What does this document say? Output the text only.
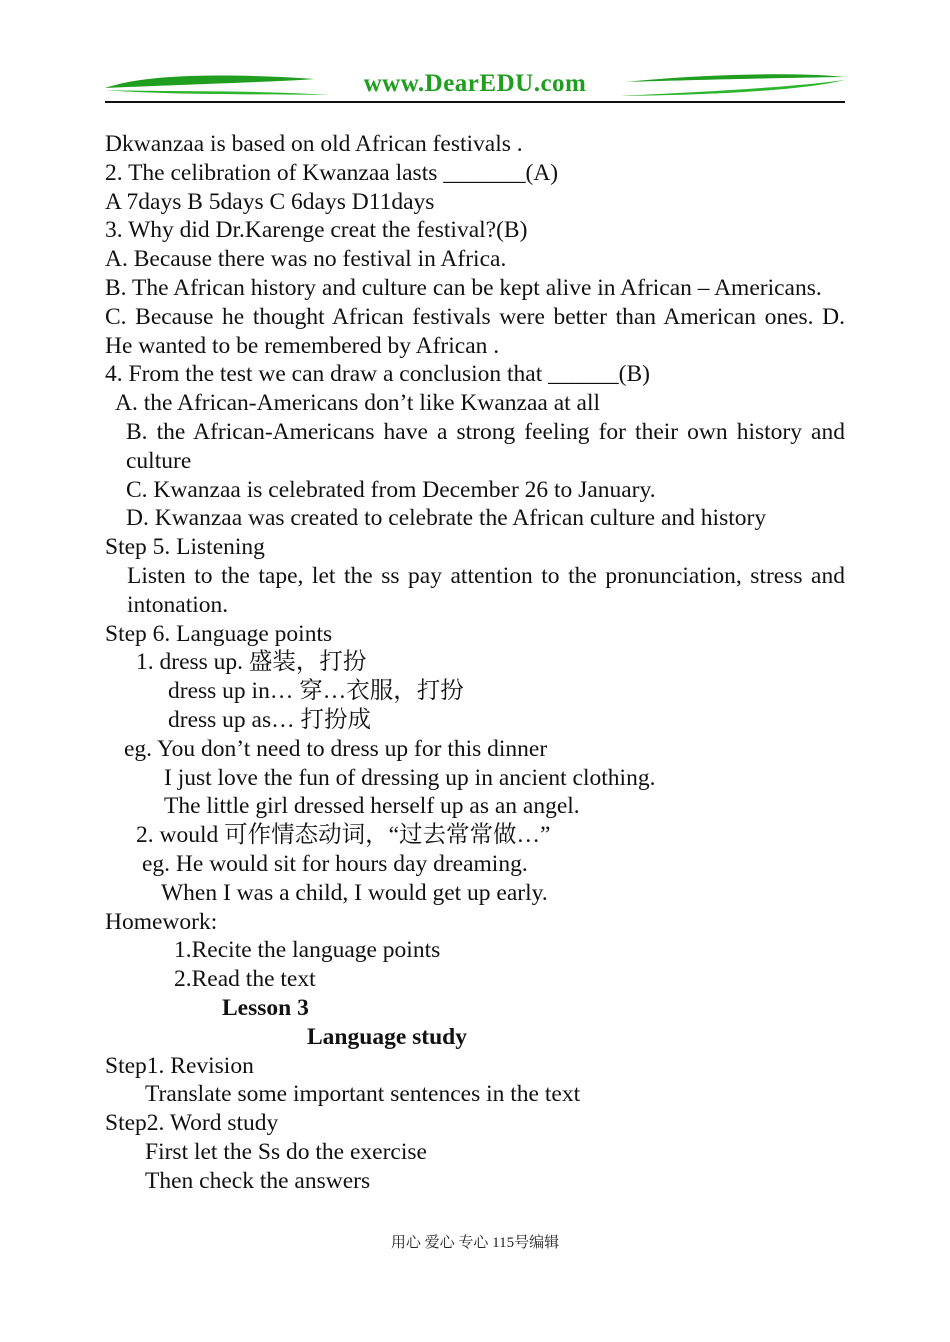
www.DearEDU.com
Dkwanzaa is based on old African festivals .
2. The celibration of Kwanzaa lasts _______(A)
A 7days B 5days C 6days D11days
3. Why did Dr.Karenge creat the festival?(B)
A. Because there was no festival in Africa.
B. The African history and culture can be kept alive in African – Americans.
C. Because he thought African festivals were better than American ones. D. He wanted to be remembered by African .
4. From the test we can draw a conclusion that ______(B)
A. the African-Americans don’t like Kwanzaa at all
B. the African-Americans have a strong feeling for their own history and culture
C. Kwanzaa is celebrated from December 26 to January.
D. Kwanzaa was created to celebrate the African culture and history
Step 5. Listening
Listen to the tape, let the ss pay attention to the pronunciation, stress and intonation.
Step 6. Language points
1. dress up. 盛装，打扮
dress up in… 穿…衣服，打扮
dress up as… 打扮成
eg. You don’t need to dress up for this dinner
I just love the fun of dressing up in ancient clothing.
The little girl dressed herself up as an angel.
2. would 可作情态动词，“过去常常做…”
eg. He would sit for hours day dreaming.
When I was a child, I would get up early.
Homework:
1.Recite the language points
2.Read the text
Lesson 3
Language study
Step1. Revision
Translate some important sentences in the text
Step2. Word study
First let the Ss do the exercise
Then check the answers
用心 爱心 专心 115号编辑
